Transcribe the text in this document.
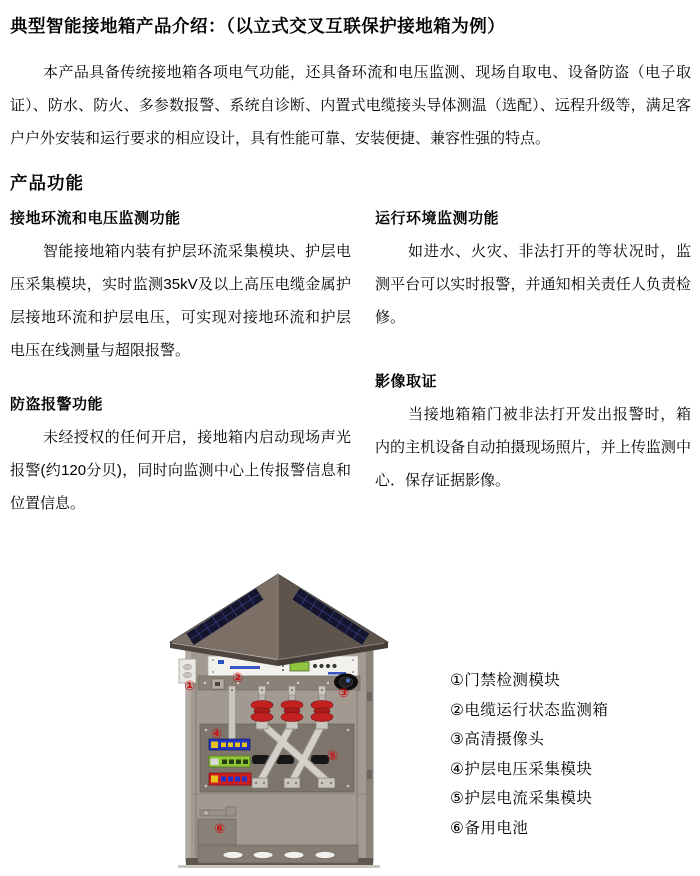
典型智能接地箱产品介绍：（以立式交叉互联保护接地箱为例）

本产品具备传统接地箱各项电气功能，还具备环流和电压监测、现场自取电、设备防盗（电子取证）、防水、防火、多参数报警、系统自诊断、内置式电缆接头导体测温（选配）、远程升级等，满足客户户外安装和运行要求的相应设计，具有性能可靠、安装便捷、兼容性强的特点。

产品功能
接地环流和电压监测功能

智能接地箱内装有护层环流采集模块、护层电压采集模块，实时监测35kV及以上高压电缆金属护层接地环流和护层电压，可实现对接地环流和护层电压在线测量与超限报警。

防盗报警功能

未经授权的任何开启，接地箱内启动现场声光报警(约120分贝)，同时向监测中心上传报警信息和位置信息。

运行环境监测功能

如进水、火灾、非法打开的等状况时，监测平台可以实时报警，并通知相关责任人负责检修。

影像取证

当接地箱箱门被非法打开发出报警时，箱内的主机设备自动拍摄现场照片，并上传监测中心．保存证据影像。

①
②
③
④
⑤
⑥
①门禁检测模块
②电缆运行状态监测箱
③高清摄像头
④护层电压采集模块
⑤护层电流采集模块
⑥备用电池
